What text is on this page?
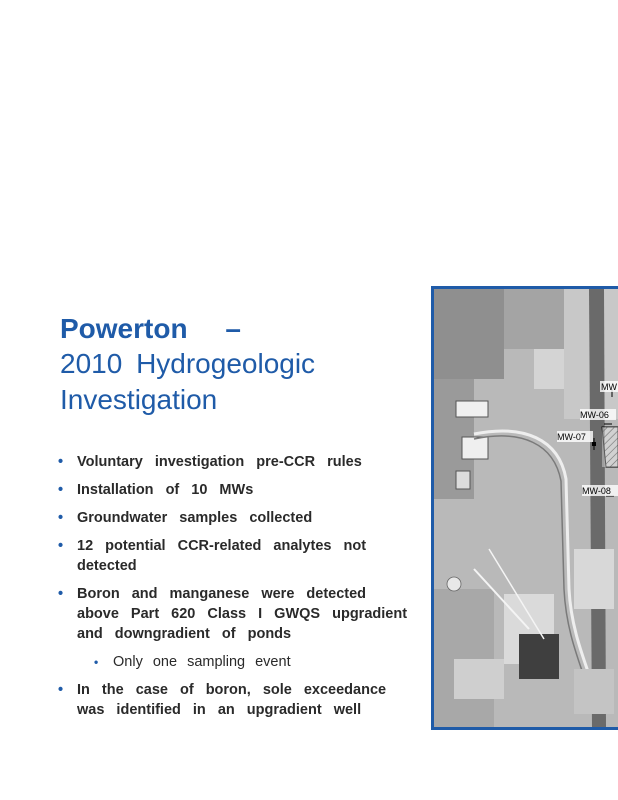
Powerton –
2010 Hydrogeologic
Investigation
• Voluntary investigation pre-CCR rules
• Installation of 10 MWs
• Groundwater samples collected
• 12 potential CCR-related analytes not detected
• Boron and manganese were detected above Part 620 Class I GWQS upgradient and downgradient of ponds
• Only one sampling event
• In the case of boron, sole exceedance was identified in an upgradient well
MW
MW-06
MW-07
MW-08
